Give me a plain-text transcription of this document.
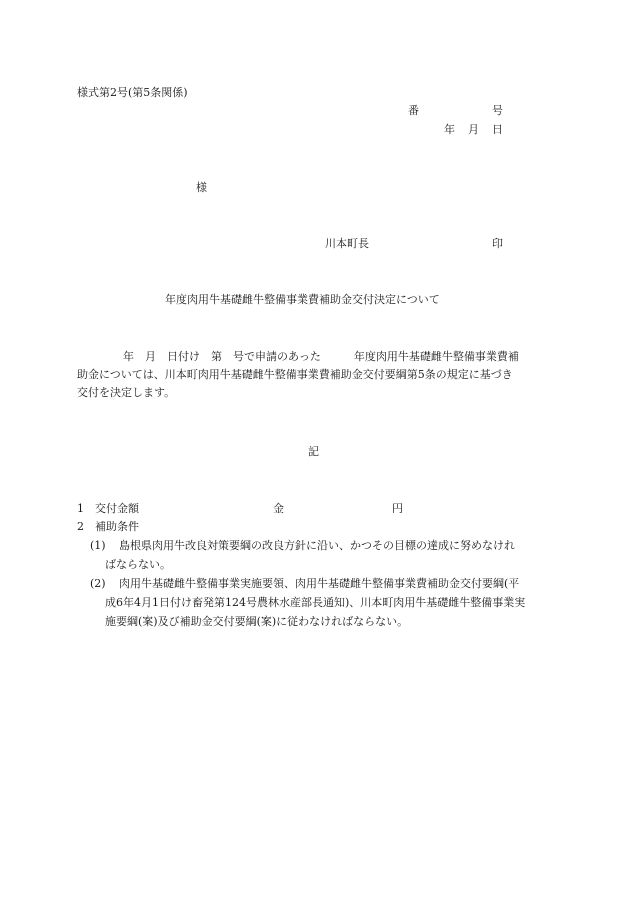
様式第2号(第5条関係)
番	号
年 月 日
様
川本町長	印
年度肉用牛基礎雌牛整備事業費補助金交付決定について
年　月　日付け　第　号で申請のあった　　　年度肉用牛基礎雌牛整備事業費補
助金については、川本町肉用牛基礎雌牛整備事業費補助金交付要綱第5条の規定に基づき
交付を決定します。
記
1 交付金額	金	円
2 補助条件
(1) 島根県肉用牛改良対策要綱の改良方針に沿い、かつその目標の達成に努めなけれ
ばならない。
(2) 肉用牛基礎雌牛整備事業実施要領、肉用牛基礎雌牛整備事業費補助金交付要綱(平
成6年4月1日付け畜発第124号農林水産部長通知)、川本町肉用牛基礎雌牛整備事業実
施要綱(案)及び補助金交付要綱(案)に従わなければならない。
